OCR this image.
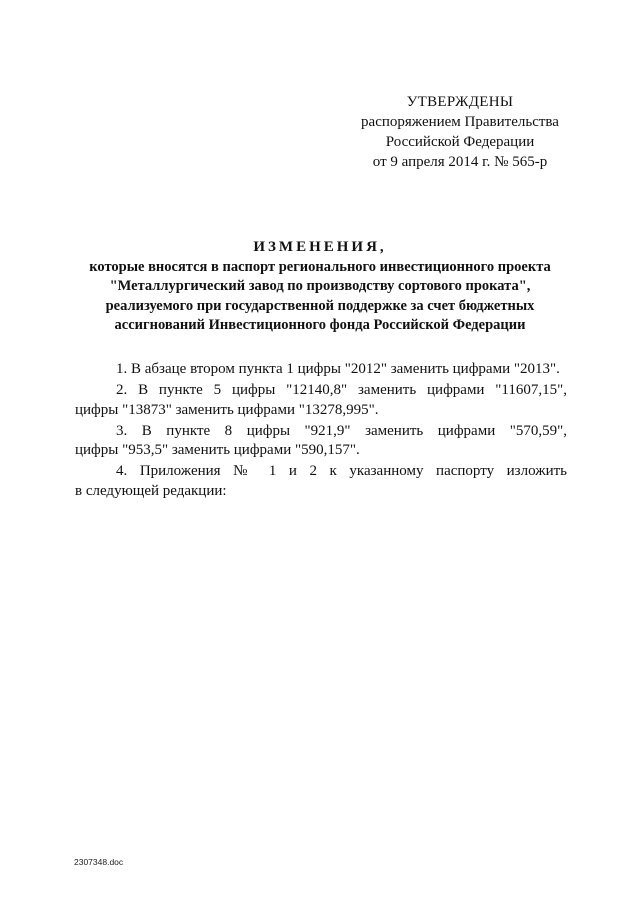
УТВЕРЖДЕНЫ
распоряжением Правительства
Российской Федерации
от 9 апреля 2014 г. № 565-р
ИЗМЕНЕНИЯ,
которые вносятся в паспорт регионального инвестиционного проекта
"Металлургический завод по производству сортового проката",
реализуемого при государственной поддержке за счет бюджетных
ассигнований Инвестиционного фонда Российской Федерации
1. В абзаце втором пункта 1 цифры "2012" заменить цифрами "2013".
2. В пункте 5 цифры "12140,8" заменить цифрами "11607,15",
цифры "13873" заменить цифрами "13278,995".
3. В пункте 8 цифры "921,9" заменить цифрами "570,59",
цифры "953,5" заменить цифрами "590,157".
4. Приложения № 1 и 2 к указанному паспорту изложить
в следующей редакции:
2307348.doc
